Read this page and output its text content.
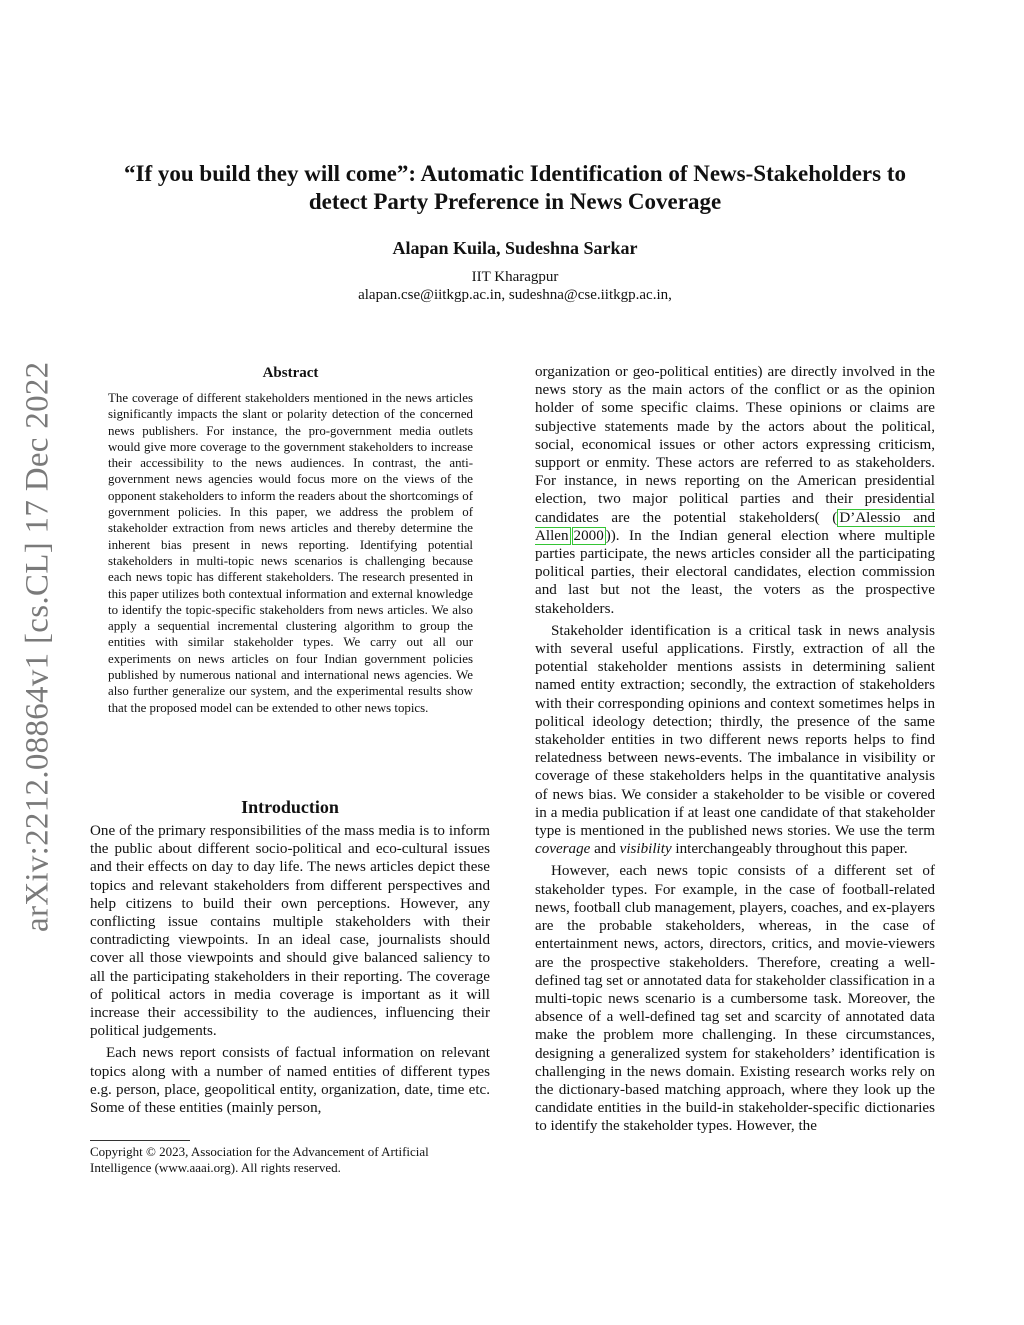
arXiv:2212.08864v1 [cs.CL] 17 Dec 2022
“If you build they will come”: Automatic Identification of News-Stakeholders to detect Party Preference in News Coverage
Alapan Kuila, Sudeshna Sarkar
IIT Kharagpur
alapan.cse@iitkgp.ac.in, sudeshna@cse.iitkgp.ac.in,
Abstract

The coverage of different stakeholders mentioned in the news articles significantly impacts the slant or polarity detection of the concerned news publishers. For instance, the pro-government media outlets would give more coverage to the government stakeholders to increase their accessibility to the news audiences. In contrast, the anti-government news agencies would focus more on the views of the opponent stakeholders to inform the readers about the shortcomings of government policies. In this paper, we address the problem of stakeholder extraction from news articles and thereby determine the inherent bias present in news reporting. Identifying potential stakeholders in multi-topic news scenarios is challenging because each news topic has different stakeholders. The research presented in this paper utilizes both contextual information and external knowledge to identify the topic-specific stakeholders from news articles. We also apply a sequential incremental clustering algorithm to group the entities with similar stakeholder types. We carry out all our experiments on news articles on four Indian government policies published by numerous national and international news agencies. We also further generalize our system, and the experimental results show that the proposed model can be extended to other news topics.

Introduction

One of the primary responsibilities of the mass media is to inform the public about different socio-political and eco-cultural issues and their effects on day to day life. The news articles depict these topics and relevant stakeholders from different perspectives and help citizens to build their own perceptions. However, any conflicting issue contains multiple stakeholders with their contradicting viewpoints. In an ideal case, journalists should cover all those viewpoints and should give balanced saliency to all the participating stakeholders in their reporting. The coverage of political actors in media coverage is important as it will increase their accessibility to the audiences, influencing their political judgements.

Each news report consists of factual information on relevant topics along with a number of named entities of different types e.g. person, place, geopolitical entity, organization, date, time etc. Some of these entities (mainly person,

Copyright © 2023, Association for the Advancement of Artificial Intelligence (www.aaai.org). All rights reserved.

organization or geo-political entities) are directly involved in the news story as the main actors of the conflict or as the opinion holder of some specific claims. These opinions or claims are subjective statements made by the actors about the political, social, economical issues or other actors expressing criticism, support or enmity. These actors are referred to as stakeholders. For instance, in news reporting on the American presidential election, two major political parties and their presidential candidates are the potential stakeholders( ( D’Alessio and Allen 2000 )). In the Indian general election where multiple parties participate, the news articles consider all the participating political parties, their electoral candidates, election commission and last but not the least, the voters as the prospective stakeholders.

Stakeholder identification is a critical task in news analysis with several useful applications. Firstly, extraction of all the potential stakeholder mentions assists in determining salient named entity extraction; secondly, the extraction of stakeholders with their corresponding opinions and context sometimes helps in political ideology detection; thirdly, the presence of the same stakeholder entities in two different news reports helps to find relatedness between news-events. The imbalance in visibility or coverage of these stakeholders helps in the quantitative analysis of news bias. We consider a stakeholder to be visible or covered in a media publication if at least one candidate of that stakeholder type is mentioned in the published news stories. We use the term coverage and visibility interchangeably throughout this paper.

However, each news topic consists of a different set of stakeholder types. For example, in the case of football-related news, football club management, players, coaches, and ex-players are the probable stakeholders, whereas, in the case of entertainment news, actors, directors, critics, and movie-viewers are the prospective stakeholders. Therefore, creating a well-defined tag set or annotated data for stakeholder classification in a multi-topic news scenario is a cumbersome task. Moreover, the absence of a well-defined tag set and scarcity of annotated data make the problem more challenging. In these circumstances, designing a generalized system for stakeholders’ identification is challenging in the news domain. Existing research works rely on the dictionary-based matching approach, where they look up the candidate entities in the build-in stakeholder-specific dictionaries to identify the stakeholder types. However, the
